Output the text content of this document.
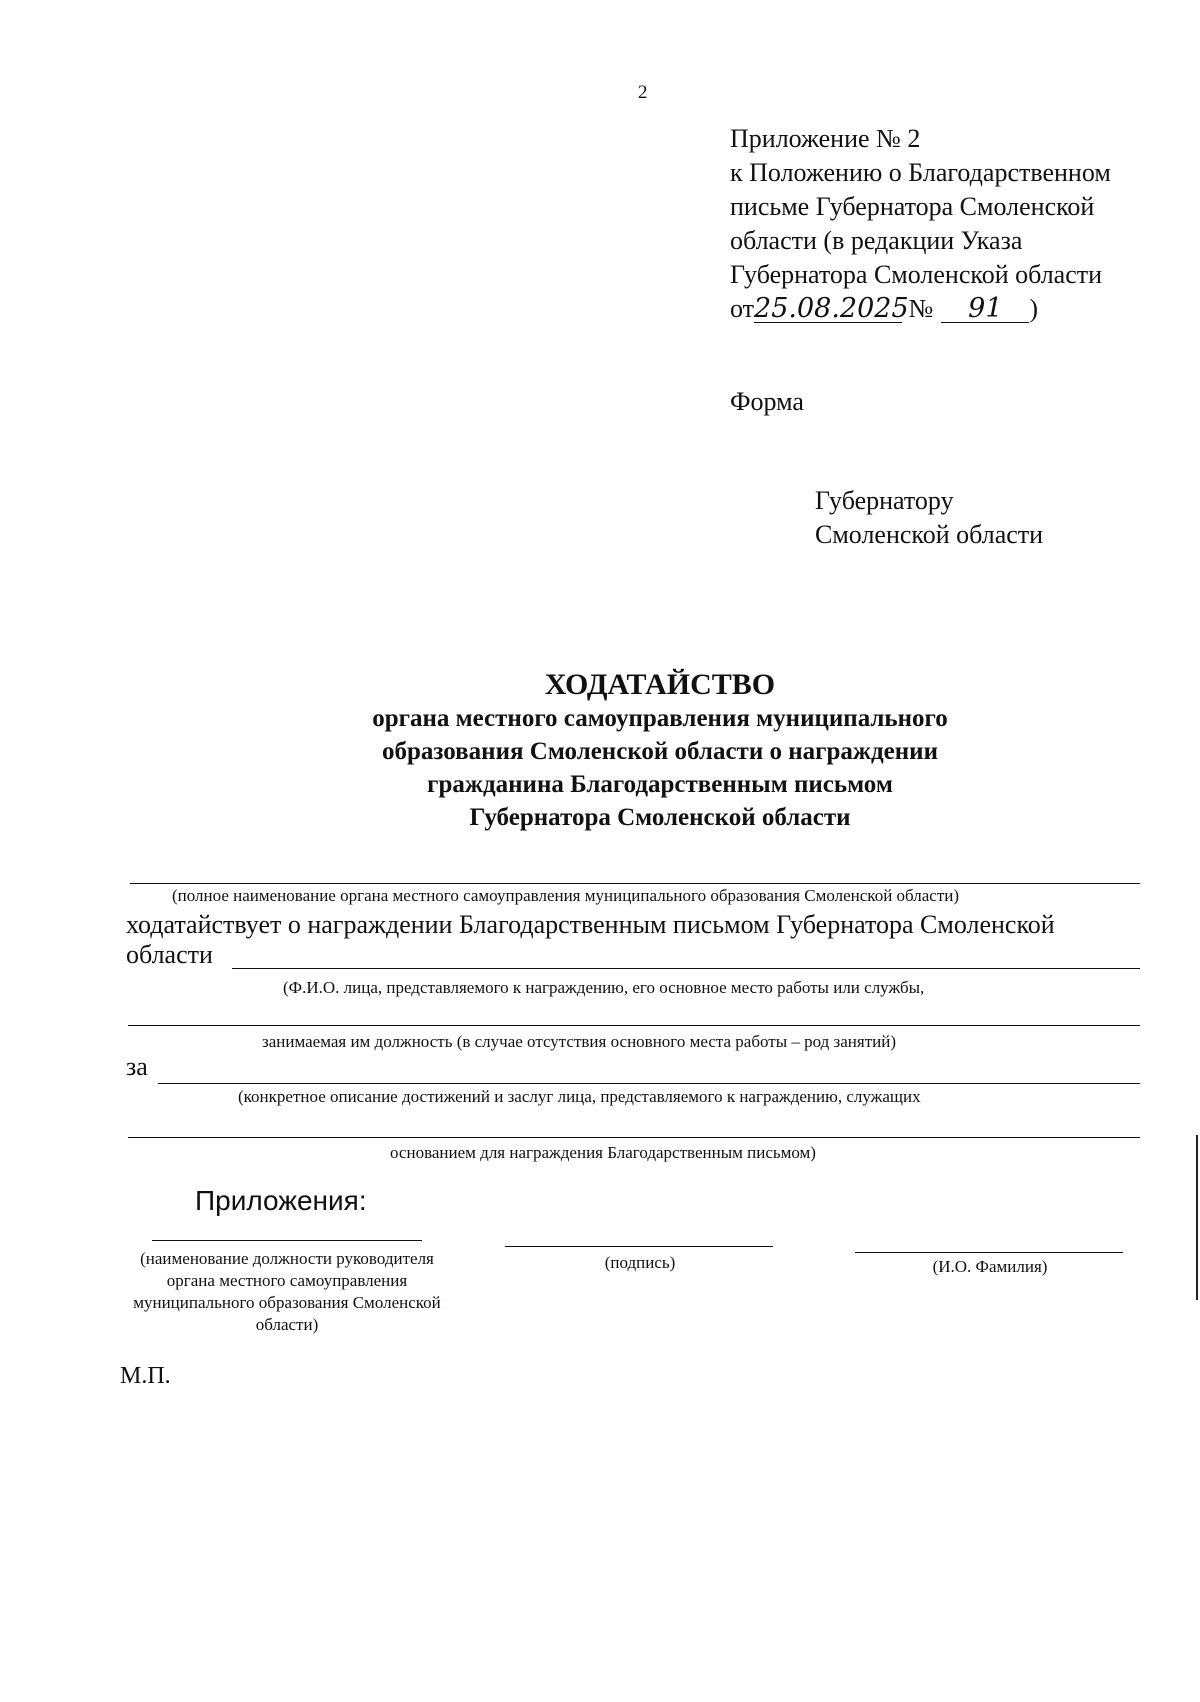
2
Приложение № 2
к Положению о Благодарственном
письме Губернатора Смоленской
области (в редакции Указа
Губернатора Смоленской области
от25.08.2025 № 91 )
Форма
Губернатору
Смоленской области
ХОДАТАЙСТВО
органа местного самоуправления муниципального
образования Смоленской области о награждении
гражданина Благодарственным письмом
Губернатора Смоленской области
(полное наименование органа местного самоуправления муниципального образования Смоленской области)
ходатайствует о награждении Благодарственным письмом Губернатора Смоленской
области
(Ф.И.О. лица, представляемого к награждению, его основное место работы или службы,
занимаемая им должность (в случае отсутствия основного места работы – род занятий)
за
(конкретное описание достижений и заслуг лица, представляемого к награждению, служащих
основанием для награждения Благодарственным письмом)
Приложения:
(наименование должности руководителя органа местного самоуправления муниципального образования Смоленской области)
(подпись)	(И.О. Фамилия)
М.П.
